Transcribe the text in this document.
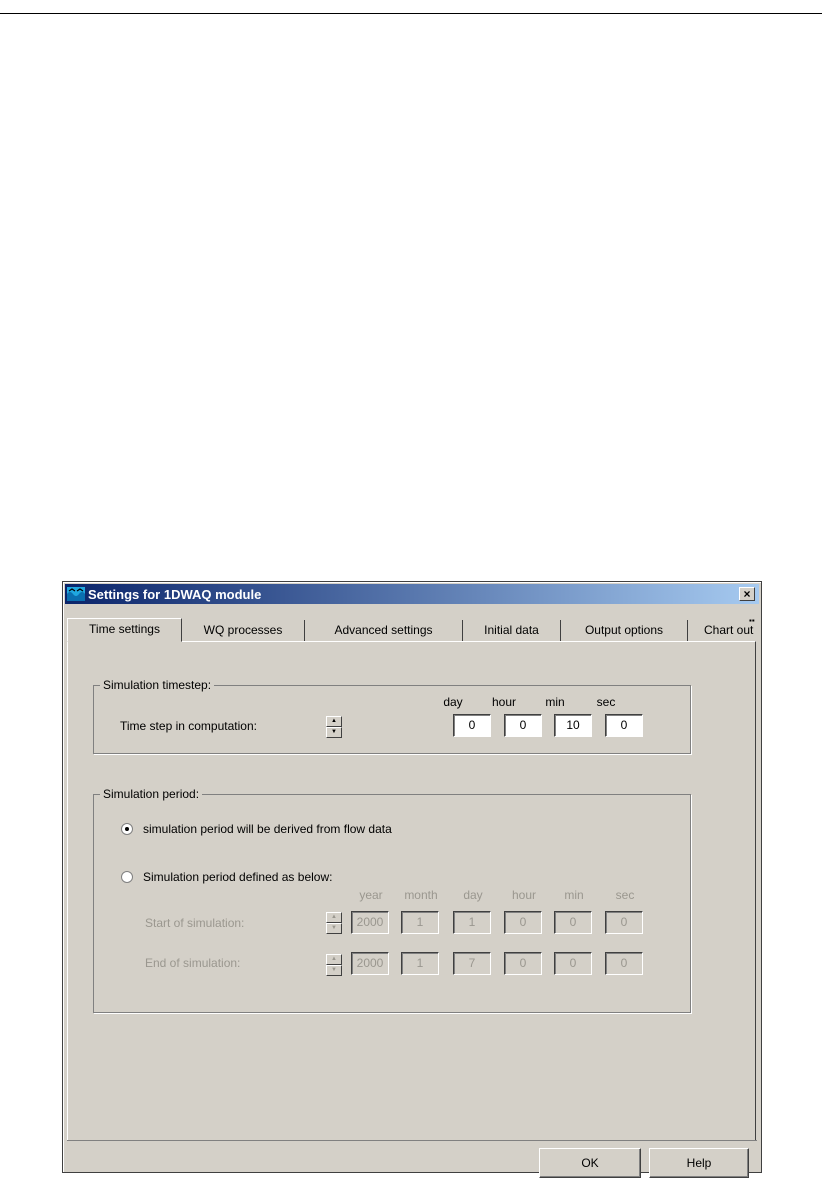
Settings for 1DWAQ module	×
Time settings	WQ processes	Advanced settings	Initial data	Output options	Chart out
▪▪
Simulation timestep:
day	hour	min	sec
Time step in computation:	▲
▼	0	0	10	0
Simulation period:
simulation period will be derived from flow data
Simulation period defined as below:
year	month	day	hour	min	sec
Start of simulation:	▲
▼	2000	1	1	0	0	0
End of simulation:	▲
▼	2000	1	7	0	0	0
OK	Help
